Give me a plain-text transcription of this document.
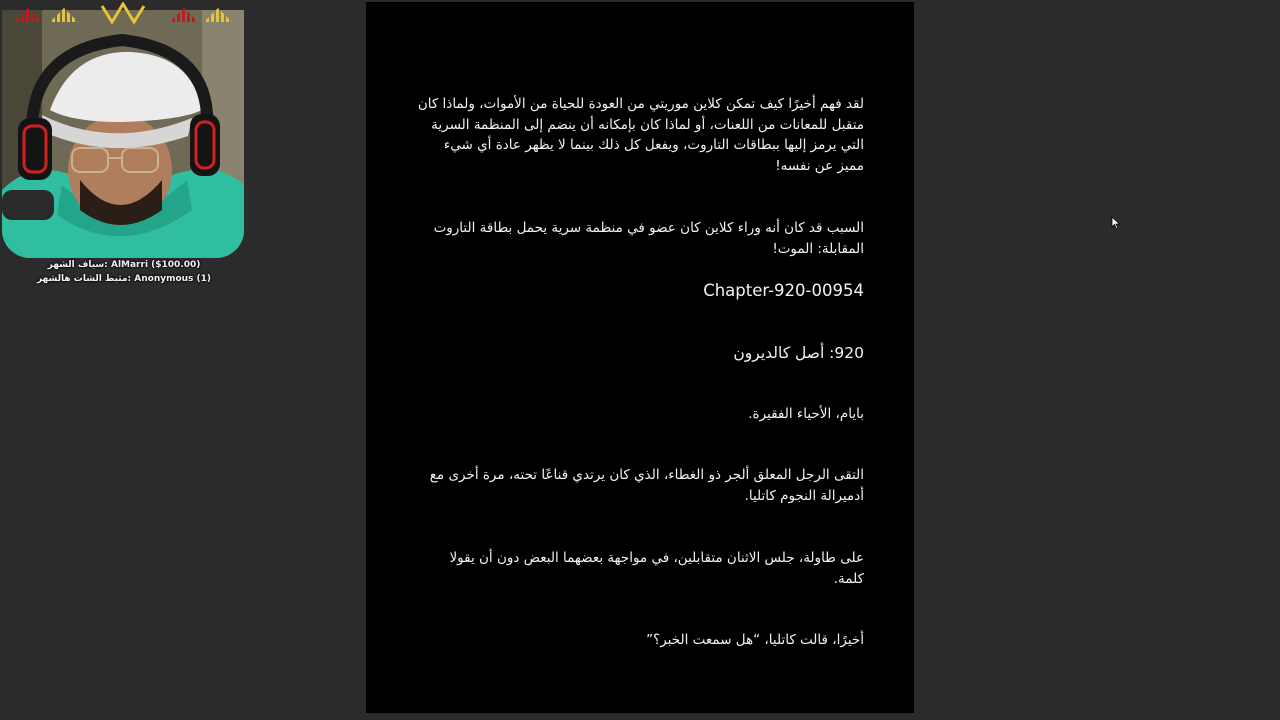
سياف الشهر: AlMarri ($100.00)
مثبط الشات هالشهر: Anonymous (1)

لقد فهم أخيرًا كيف تمكن كلاين موريتي من العودة للحياة من الأموات، ولماذا كان متقبل للمعانات من اللعنات، أو لماذا كان بإمكانه أن ينضم إلى المنظمة السرية التي يرمز إليها ببطاقات التاروت، ويفعل كل ذلك بينما لا يظهر عادة أي شيء مميز عن نفسه!

السبب قد كان أنه وراء كلاين كان عضو في منظمة سرية يحمل بطاقة التاروت المقابلة: الموت!

Chapter-920-00954
920: أصل كالديرون

بايام، الأحياء الفقيرة.

التقى الرجل المعلق ألجر ذو الغطاء، الذي كان يرتدي قناعًا تحته، مرة أخرى مع أدميرالة النجوم كاتليا.

على طاولة، جلس الاثنان متقابلين، في مواجهة بعضهما البعض دون أن يقولا كلمة.

أخيرًا، قالت كاتليا، “هل سمعت الخبر؟”
